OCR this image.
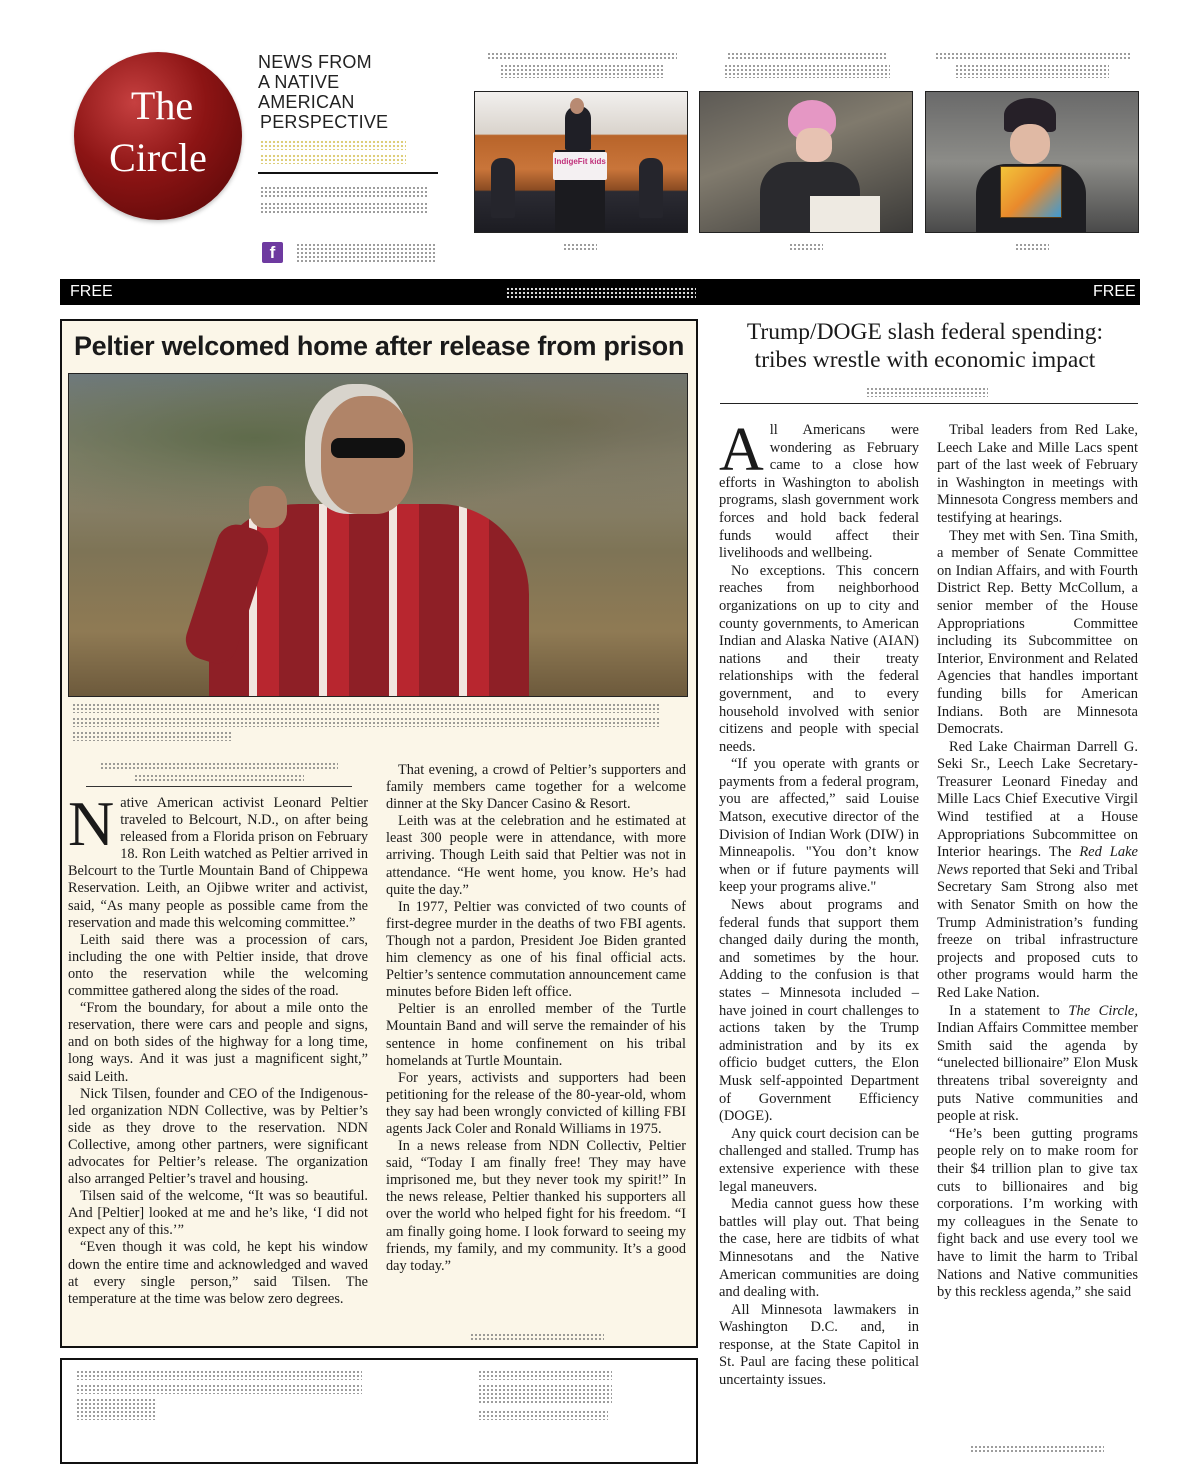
The
Circle
NEWS FROM
A NATIVE
AMERICAN
PERSPECTIVE
f
IndigeFit kids
FREE	FREE
Peltier welcomed home after release from prison

Native American activist Leonard Peltier traveled to Belcourt, N.D., on after being released from a Florida prison on February 18. Ron Leith watched as Peltier arrived in Belcourt to the Turtle Mountain Band of Chippewa Reservation. Leith, an Ojibwe writer and activist, said, “As many people as possible came from the reservation and made this welcoming committee.”

Leith said there was a procession of cars, including the one with Peltier inside, that drove onto the reservation while the welcoming committee gathered along the sides of the road.

“From the boundary, for about a mile onto the reservation, there were cars and people and signs, and on both sides of the highway for a long time, long ways. And it was just a magnificent sight,” said Leith.

Nick Tilsen, founder and CEO of the Indigenous-led organization NDN Collective, was by Peltier’s side as they drove to the reservation. NDN Collective, among other partners, were significant advocates for Peltier’s release. The organization also arranged Peltier’s travel and housing.

Tilsen said of the welcome, “It was so beautiful. And [Peltier] looked at me and he’s like, ‘I did not expect any of this.’”

“Even though it was cold, he kept his window down the entire time and acknowledged and waved at every single person,” said Tilsen. The temperature at the time was below zero degrees.

That evening, a crowd of Peltier’s supporters and family members came together for a welcome dinner at the Sky Dancer Casino & Resort.

Leith was at the celebration and he estimated at least 300 people were in attendance, with more arriving. Though Leith said that Peltier was not in attendance. “He went home, you know. He’s had quite the day.”

In 1977, Peltier was convicted of two counts of first-degree murder in the deaths of two FBI agents. Though not a pardon, President Joe Biden granted him clemency as one of his final official acts. Peltier’s sentence commutation announcement came minutes before Biden left office.

Peltier is an enrolled member of the Turtle Mountain Band and will serve the remainder of his sentence in home confinement on his tribal homelands at Turtle Mountain.

For years, activists and supporters had been petitioning for the release of the 80-year-old, whom they say had been wrongly convicted of killing FBI agents Jack Coler and Ronald Williams in 1975.

In a news release from NDN Collectiv, Peltier said, “Today I am finally free! They may have imprisoned me, but they never took my spirit!” In the news release, Peltier thanked his supporters all over the world who helped fight for his freedom. “I am finally going home. I look forward to seeing my friends, my family, and my community. It’s a good day today.”

Trump/DOGE slash federal spending:
tribes wrestle with economic impact

All Americans were wondering as February came to a close how efforts in Washington to abolish programs, slash government work forces and hold back federal funds would affect their livelihoods and wellbeing.

No exceptions. This concern reaches from neighborhood organizations on up to city and county governments, to American Indian and Alaska Native (AIAN) nations and their treaty relationships with the federal government, and to every household involved with senior citizens and people with special needs.

“If you operate with grants or payments from a federal program, you are affected,” said Louise Matson, executive director of the Division of Indian Work (DIW) in Minneapolis. "You don’t know when or if future payments will keep your programs alive."

News about programs and federal funds that support them changed daily during the month, and sometimes by the hour. Adding to the confusion is that states – Minnesota included – have joined in court challenges to actions taken by the Trump administration and by its ex officio budget cutters, the Elon Musk self-appointed Department of Government Efficiency (DOGE).

Any quick court decision can be challenged and stalled. Trump has extensive experience with these legal maneuvers.

Media cannot guess how these battles will play out. That being the case, here are tidbits of what Minnesotans and the Native American communities are doing and dealing with.

All Minnesota lawmakers in Washington D.C. and, in response, at the State Capitol in St. Paul are facing these political uncertainty issues.

Tribal leaders from Red Lake, Leech Lake and Mille Lacs spent part of the last week of February in Washington in meetings with Minnesota Congress members and testifying at hearings.

They met with Sen. Tina Smith, a member of Senate Committee on Indian Affairs, and with Fourth District Rep. Betty McCollum, a senior member of the House Appropriations Committee including its Subcommittee on Interior, Environment and Related Agencies that handles important funding bills for American Indians. Both are Minnesota Democrats.

Red Lake Chairman Darrell G. Seki Sr., Leech Lake Secretary-Treasurer Leonard Fineday and Mille Lacs Chief Executive Virgil Wind testified at a House Appropriations Subcommittee on Interior hearings. The Red Lake News reported that Seki and Tribal Secretary Sam Strong also met with Senator Smith on how the Trump Administration’s funding freeze on tribal infrastructure projects and proposed cuts to other programs would harm the Red Lake Nation.

In a statement to The Circle, Indian Affairs Committee member Smith said the agenda by “unelected billionaire” Elon Musk threatens tribal sovereignty and puts Native communities and people at risk.

“He’s been gutting programs people rely on to make room for their $4 trillion plan to give tax cuts to billionaires and big corporations. I’m working with my colleagues in the Senate to fight back and use every tool we have to limit the harm to Tribal Nations and Native communities by this reckless agenda,” she said
